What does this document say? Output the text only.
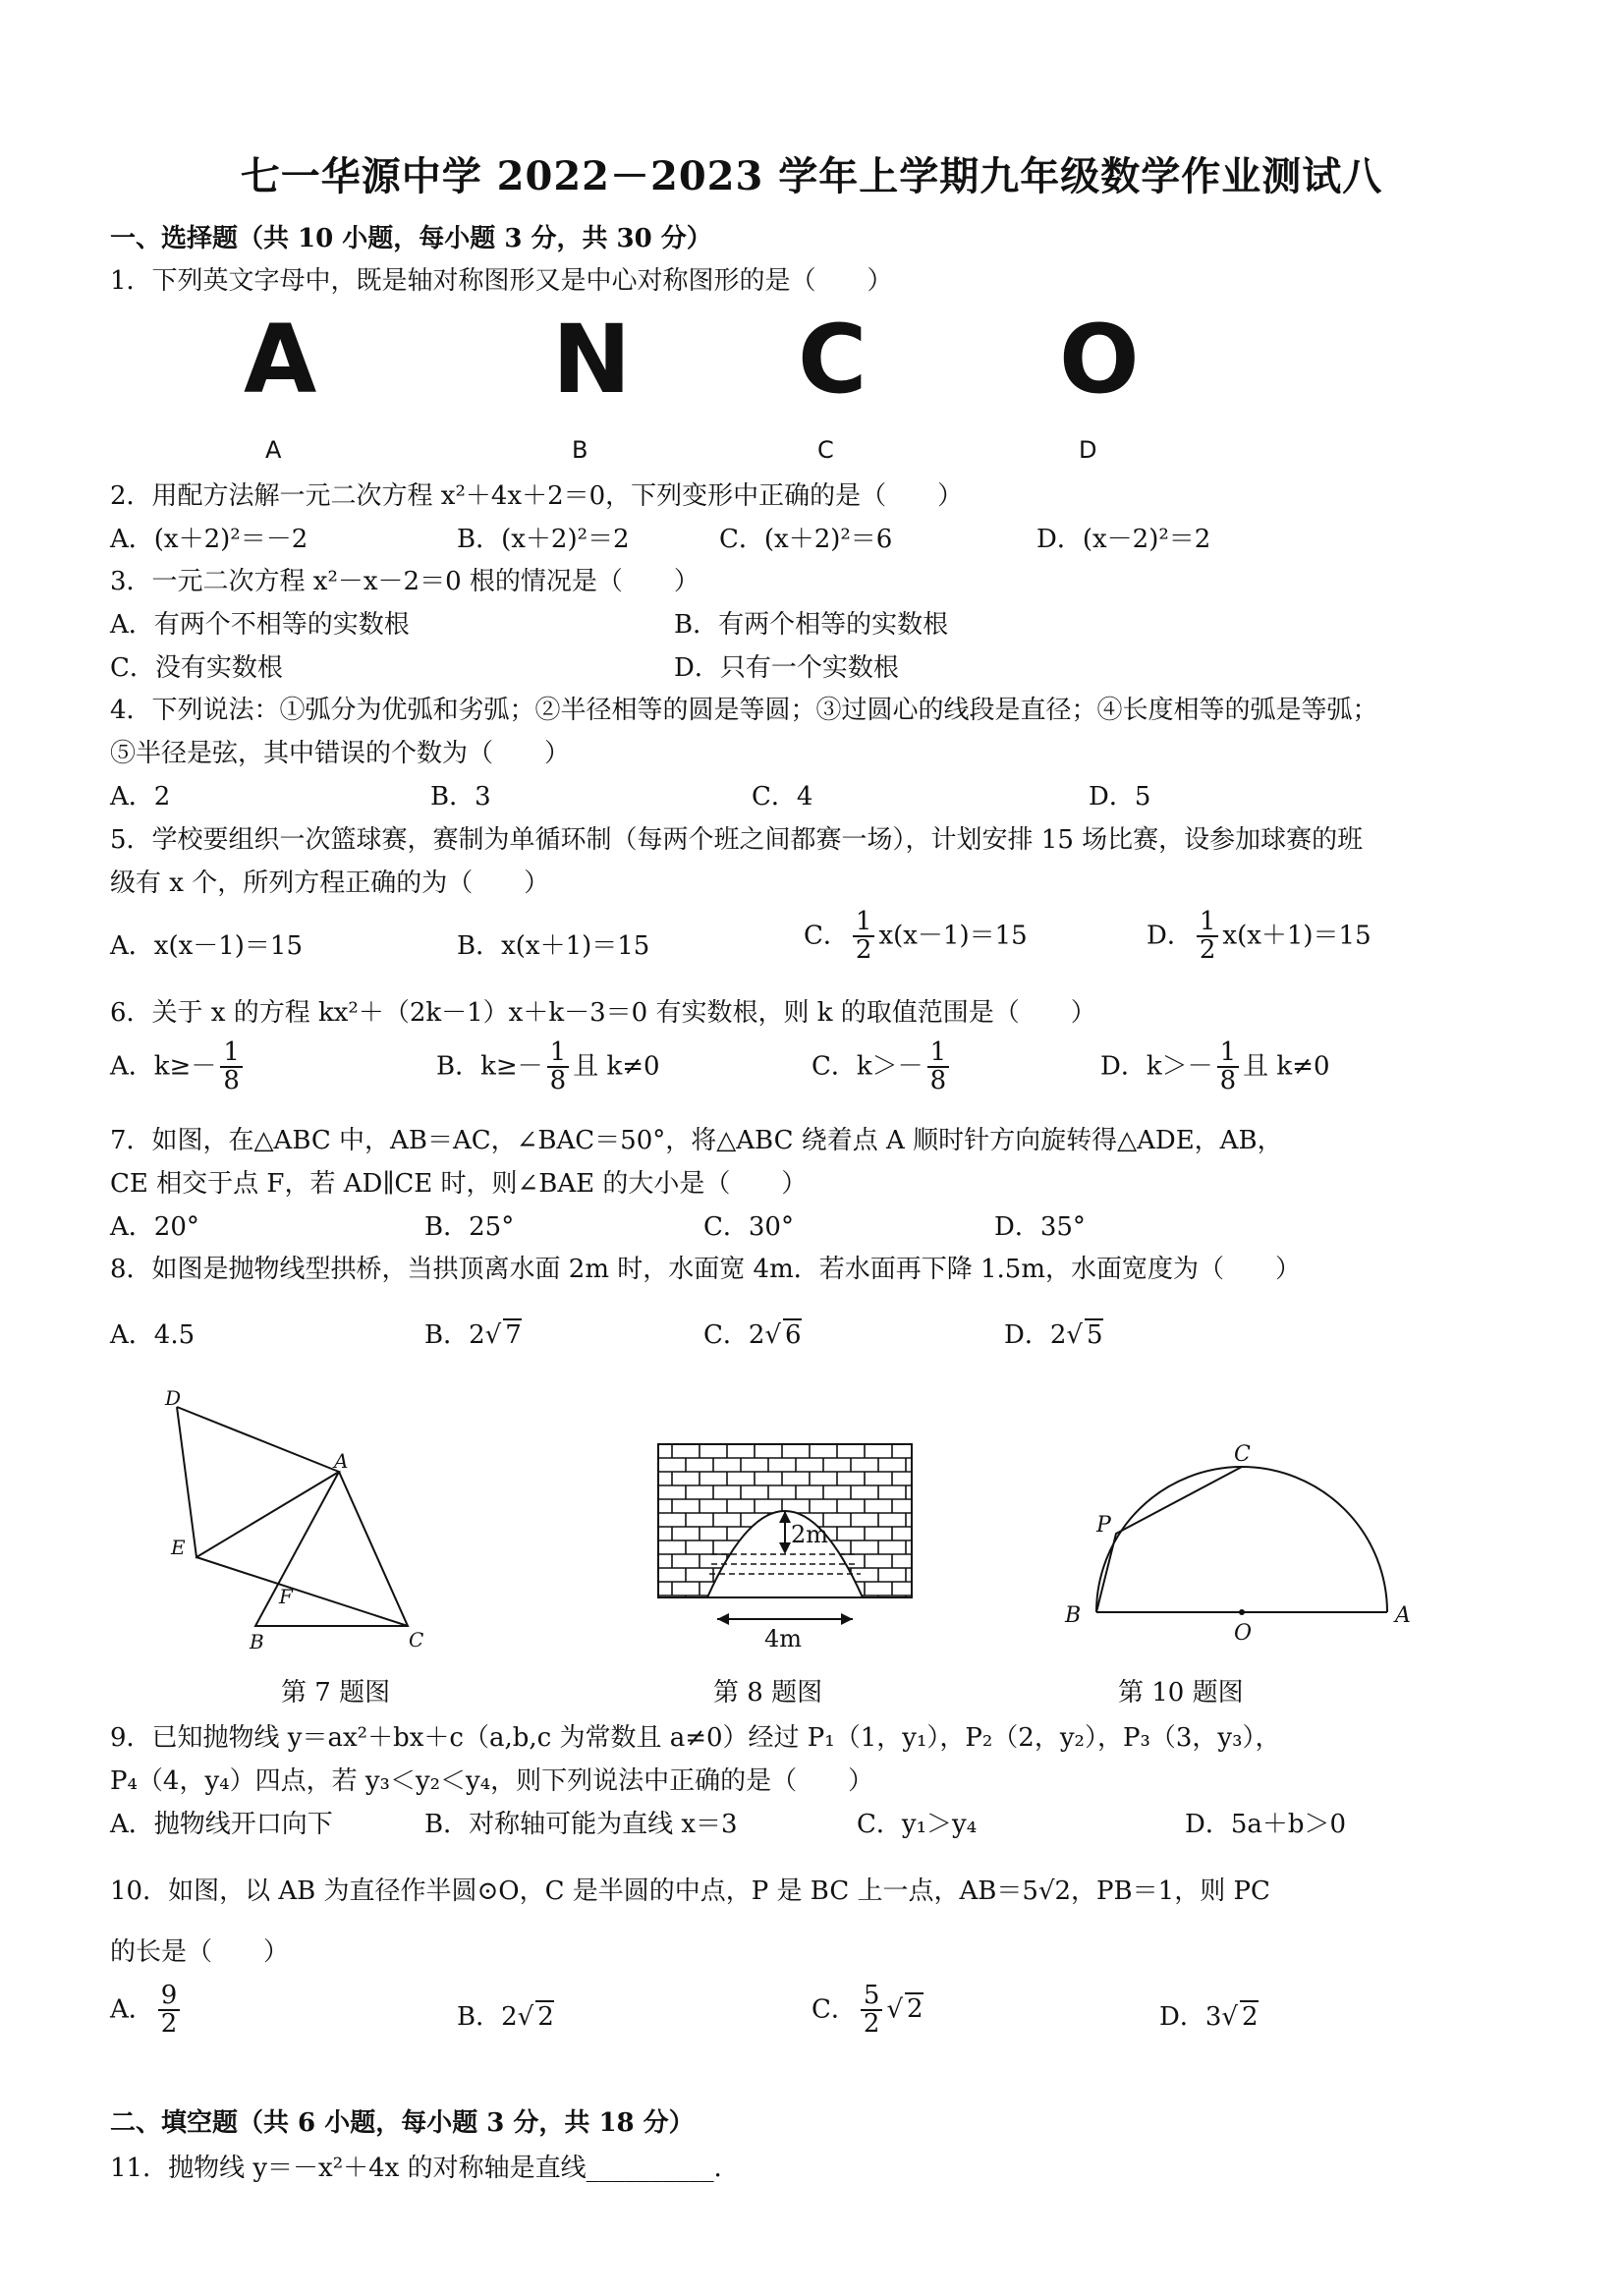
七一华源中学 2022－2023 学年上学期九年级数学作业测试八
一、选择题（共 10 小题，每小题 3 分，共 30 分）
1．下列英文字母中，既是轴对称图形又是中心对称图形的是（　　）
A N C O
A	B	C	D
2．用配方法解一元二次方程 x²＋4x＋2＝0，下列变形中正确的是（　　）
A．(x＋2)²＝－2	B．(x＋2)²＝2	C．(x＋2)²＝6	D．(x－2)²＝2
3．一元二次方程 x²－x－2＝0 根的情况是（　　）
A．有两个不相等的实数根	B．有两个相等的实数根
C．没有实数根	D．只有一个实数根
4．下列说法：①弧分为优弧和劣弧；②半径相等的圆是等圆；③过圆心的线段是直径；④长度相等的弧是等弧；
⑤半径是弦，其中错误的个数为（　　）
A．2	B．3	C．4	D．5
5．学校要组织一次篮球赛，赛制为单循环制（每两个班之间都赛一场），计划安排 15 场比赛，设参加球赛的班
级有 x 个，所列方程正确的为（　　）
A．x(x－1)＝15	B．x(x＋1)＝15	C． $\frac{1}{2} x(x-1)=15$	D． $\frac{1}{2} x(x+1)=15$
6．关于 x 的方程 kx²＋（2k－1）x＋k－3＝0 有实数根，则 k 的取值范围是（　　）
A．$k\ge- \frac{1}{8}$	B．$k\ge- \frac{1}{8}$ 且 k≠0	C．$k>- \frac{1}{8}$	D．$k>- \frac{1}{8}$ 且 k≠0
7．如图，在△ABC 中，AB＝AC，∠BAC＝50°，将△ABC 绕着点 A 顺时针方向旋转得△ADE，AB，
CE 相交于点 F，若 AD∥CE 时，则∠BAE 的大小是（　　）
A．20°	B．25°	C．30°	D．35°
8．如图是抛物线型拱桥，当拱顶离水面 2m 时，水面宽 4m．若水面再下降 1.5m，水面宽度为（　　）
A．4.5	B．2√ 7	C．2√ 6	D．2√ 5
D
A
E
F
B	C
第 7 题图
2m
4m
第 8 题图
C
P
B
O
A
第 10 题图
9．已知抛物线 y＝ax²＋bx＋c（a,b,c 为常数且 a≠0）经过 P₁（1，y₁），P₂（2，y₂），P₃（3，y₃），
P₄（4，y₄）四点，若 y₃＜y₂＜y₄，则下列说法中正确的是（　　）
A．抛物线开口向下	B．对称轴可能为直线 x＝3	C．y₁＞y₄	D．5a＋b＞0
10．如图，以 AB 为直径作半圆⊙O，C 是半圆的中点，P 是 BC 上一点，AB＝5√2，PB＝1，则 PC
的长是（　　）
A． $\frac{9}{2}$	B．2√ 2	C． $\frac{5}{2}$ √ 2	D．3√ 2
二、填空题（共 6 小题，每小题 3 分，共 18 分）
11．抛物线 y＝－x²＋4x 的对称轴是直线__________．
